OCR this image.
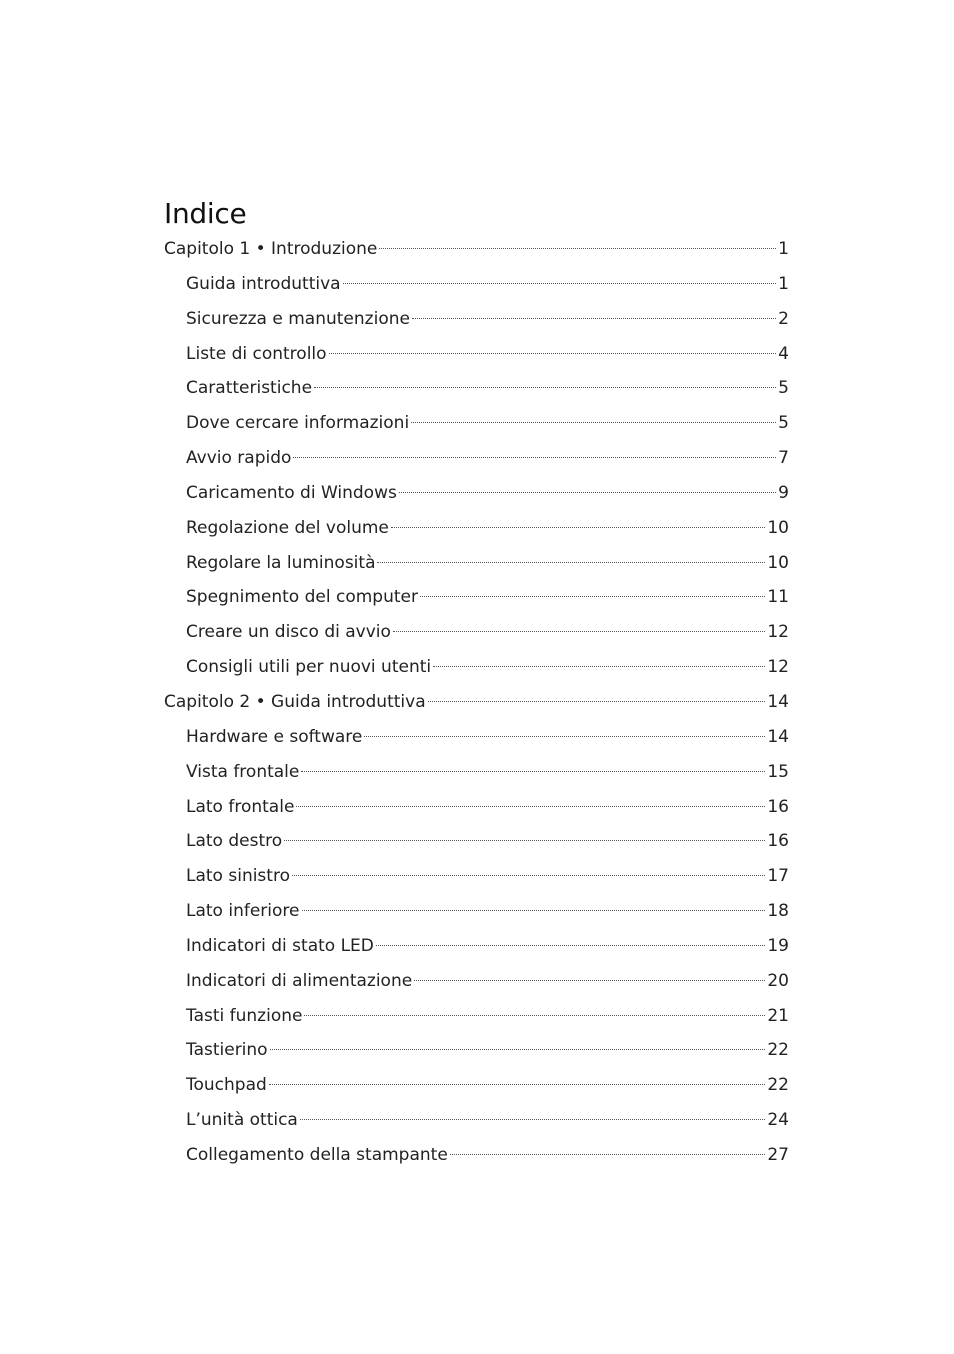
Indice
Capitolo 1 • Introduzione	1
Guida introduttiva	1
Sicurezza e manutenzione	2
Liste di controllo	4
Caratteristiche	5
Dove cercare informazioni	5
Avvio rapido	7
Caricamento di Windows	9
Regolazione del volume	10
Regolare la luminosità	10
Spegnimento del computer	11
Creare un disco di avvio	12
Consigli utili per nuovi utenti	12
Capitolo 2 • Guida introduttiva	14
Hardware e software	14
Vista frontale	15
Lato frontale	16
Lato destro	16
Lato sinistro	17
Lato inferiore	18
Indicatori di stato LED	19
Indicatori di alimentazione	20
Tasti funzione	21
Tastierino	22
Touchpad	22
L’unità ottica	24
Collegamento della stampante	27
